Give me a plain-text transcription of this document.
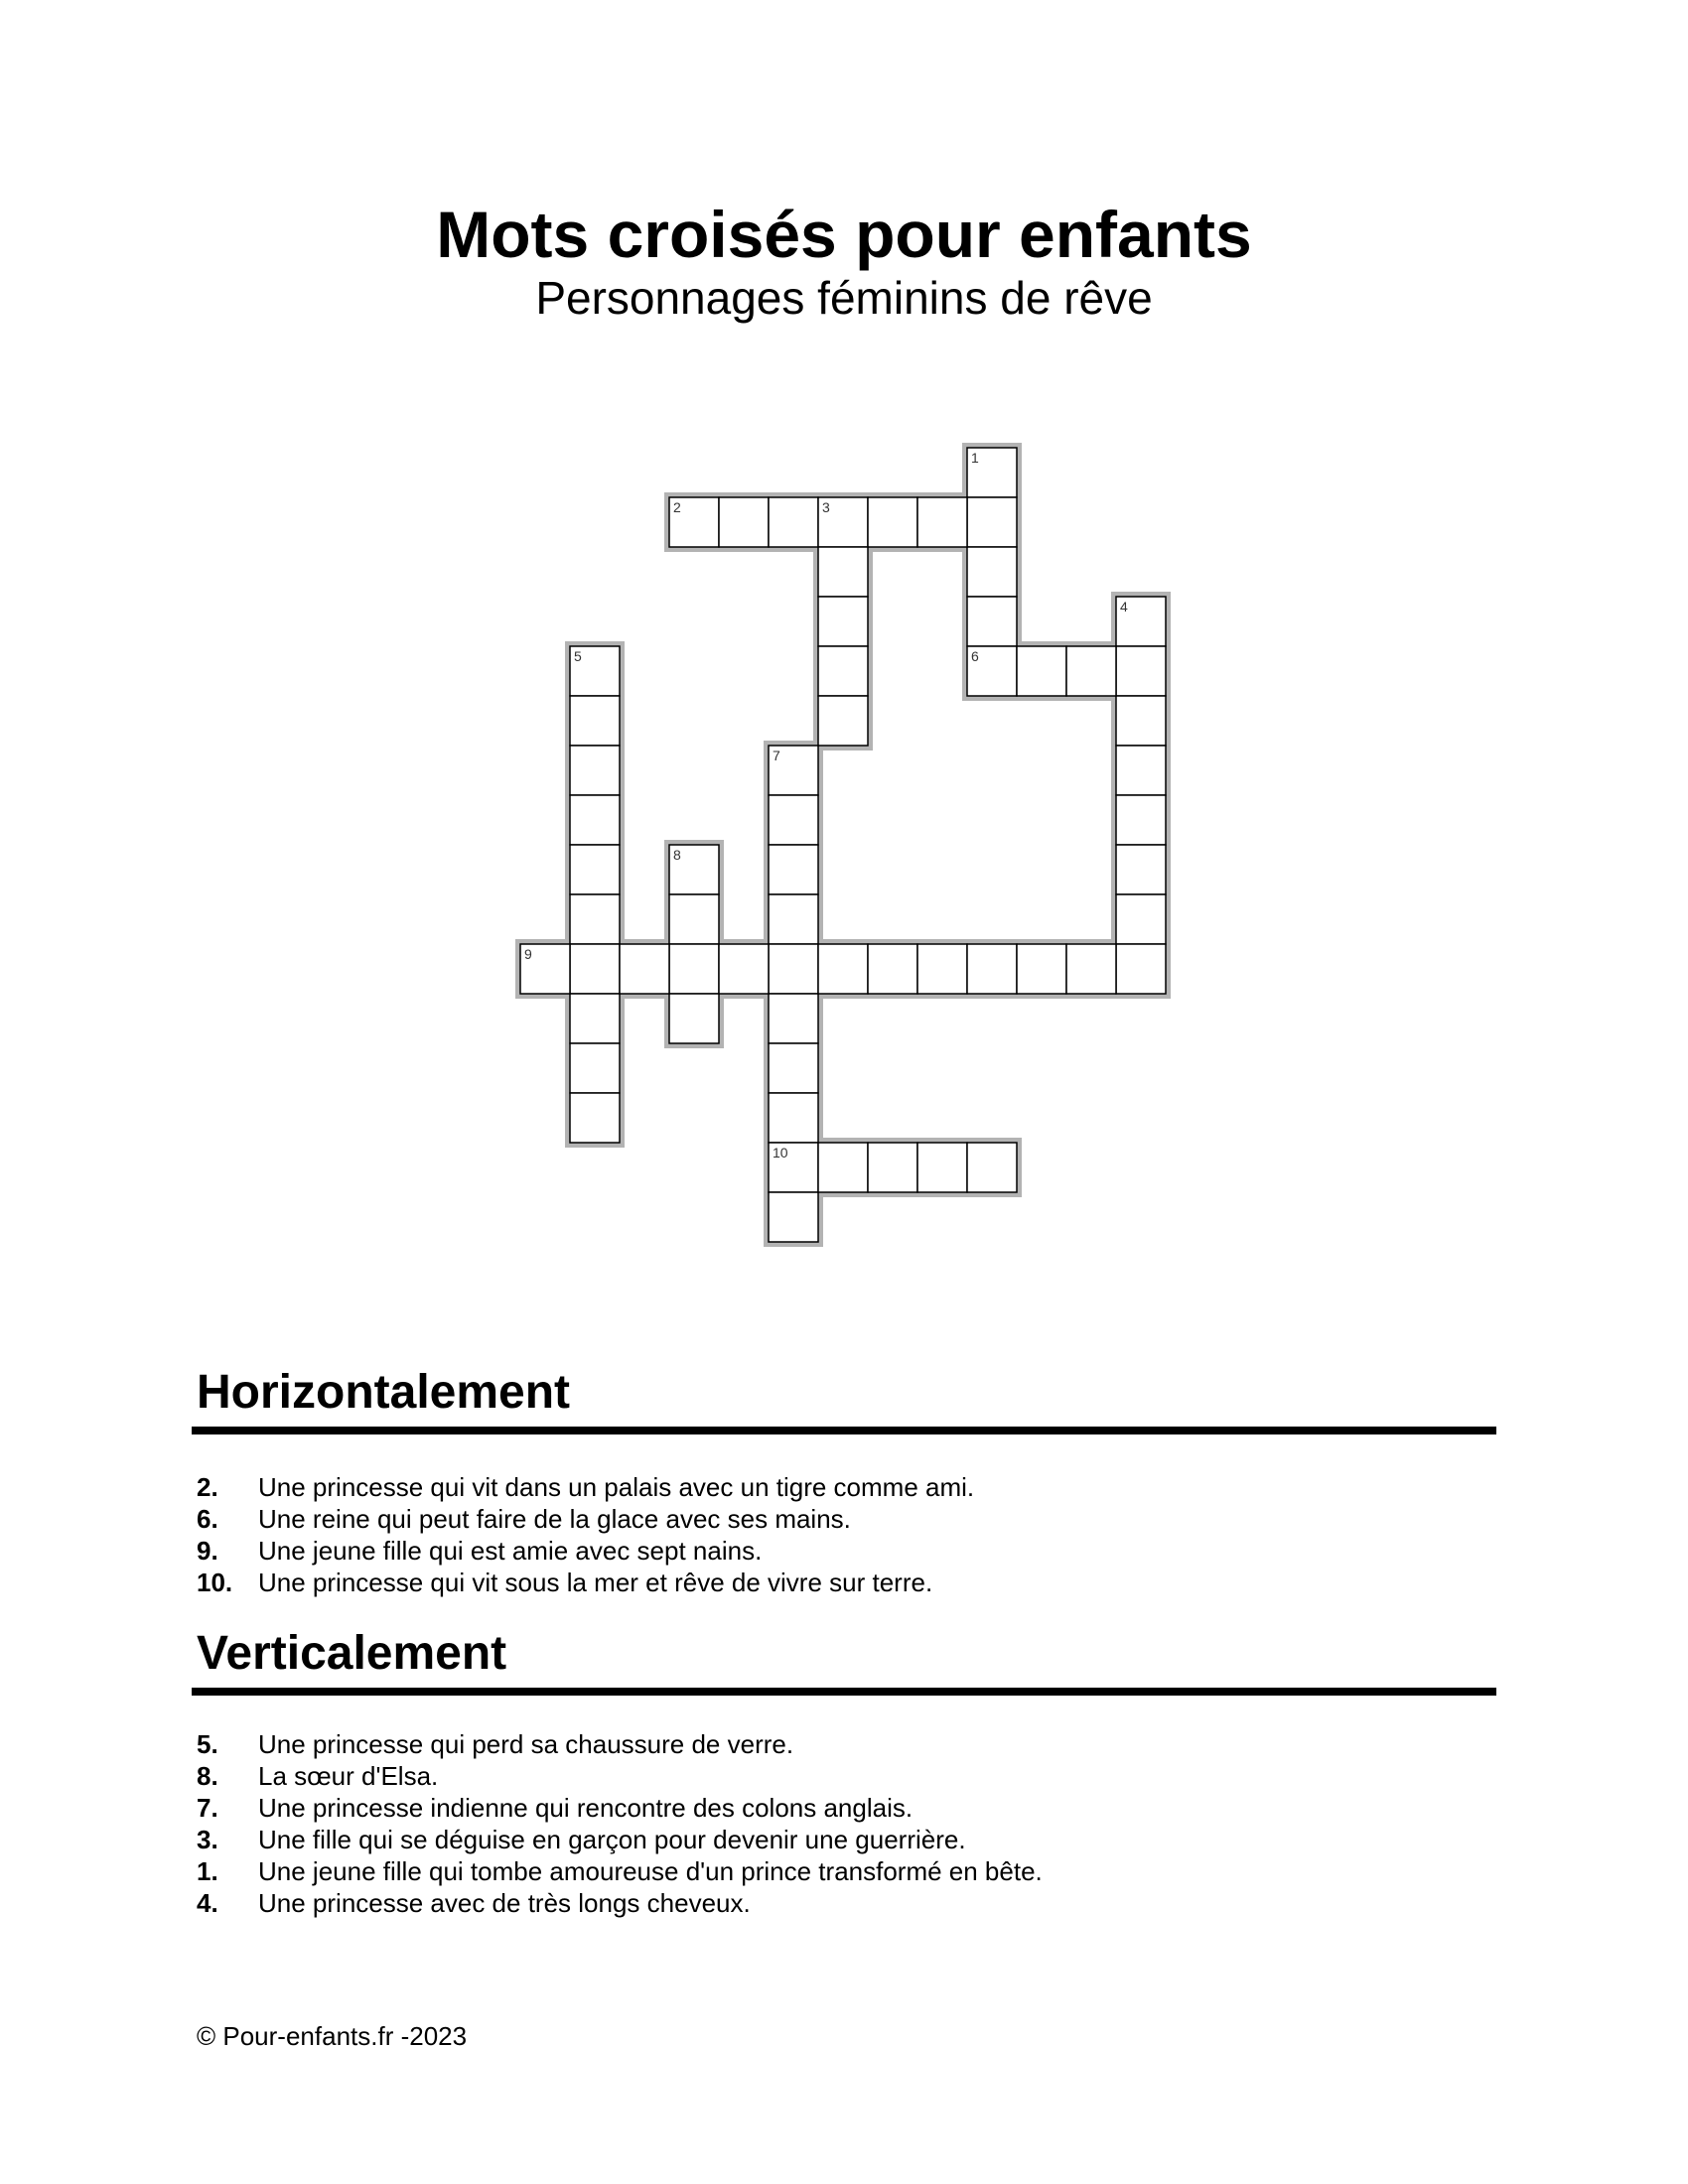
Mots croisés pour enfants
Personnages féminins de rêve
1
6
2	3
4
5
7
10
8
9
Horizontalement
2. Une princesse qui vit dans un palais avec un tigre comme ami.
6. Une reine qui peut faire de la glace avec ses mains.
9. Une jeune fille qui est amie avec sept nains.
10. Une princesse qui vit sous la mer et rêve de vivre sur terre.
Verticalement
5. Une princesse qui perd sa chaussure de verre.
8. La sœur d'Elsa.
7. Une princesse indienne qui rencontre des colons anglais.
3. Une fille qui se déguise en garçon pour devenir une guerrière.
1. Une jeune fille qui tombe amoureuse d'un prince transformé en bête.
4. Une princesse avec de très longs cheveux.
© Pour-enfants.fr -2023
